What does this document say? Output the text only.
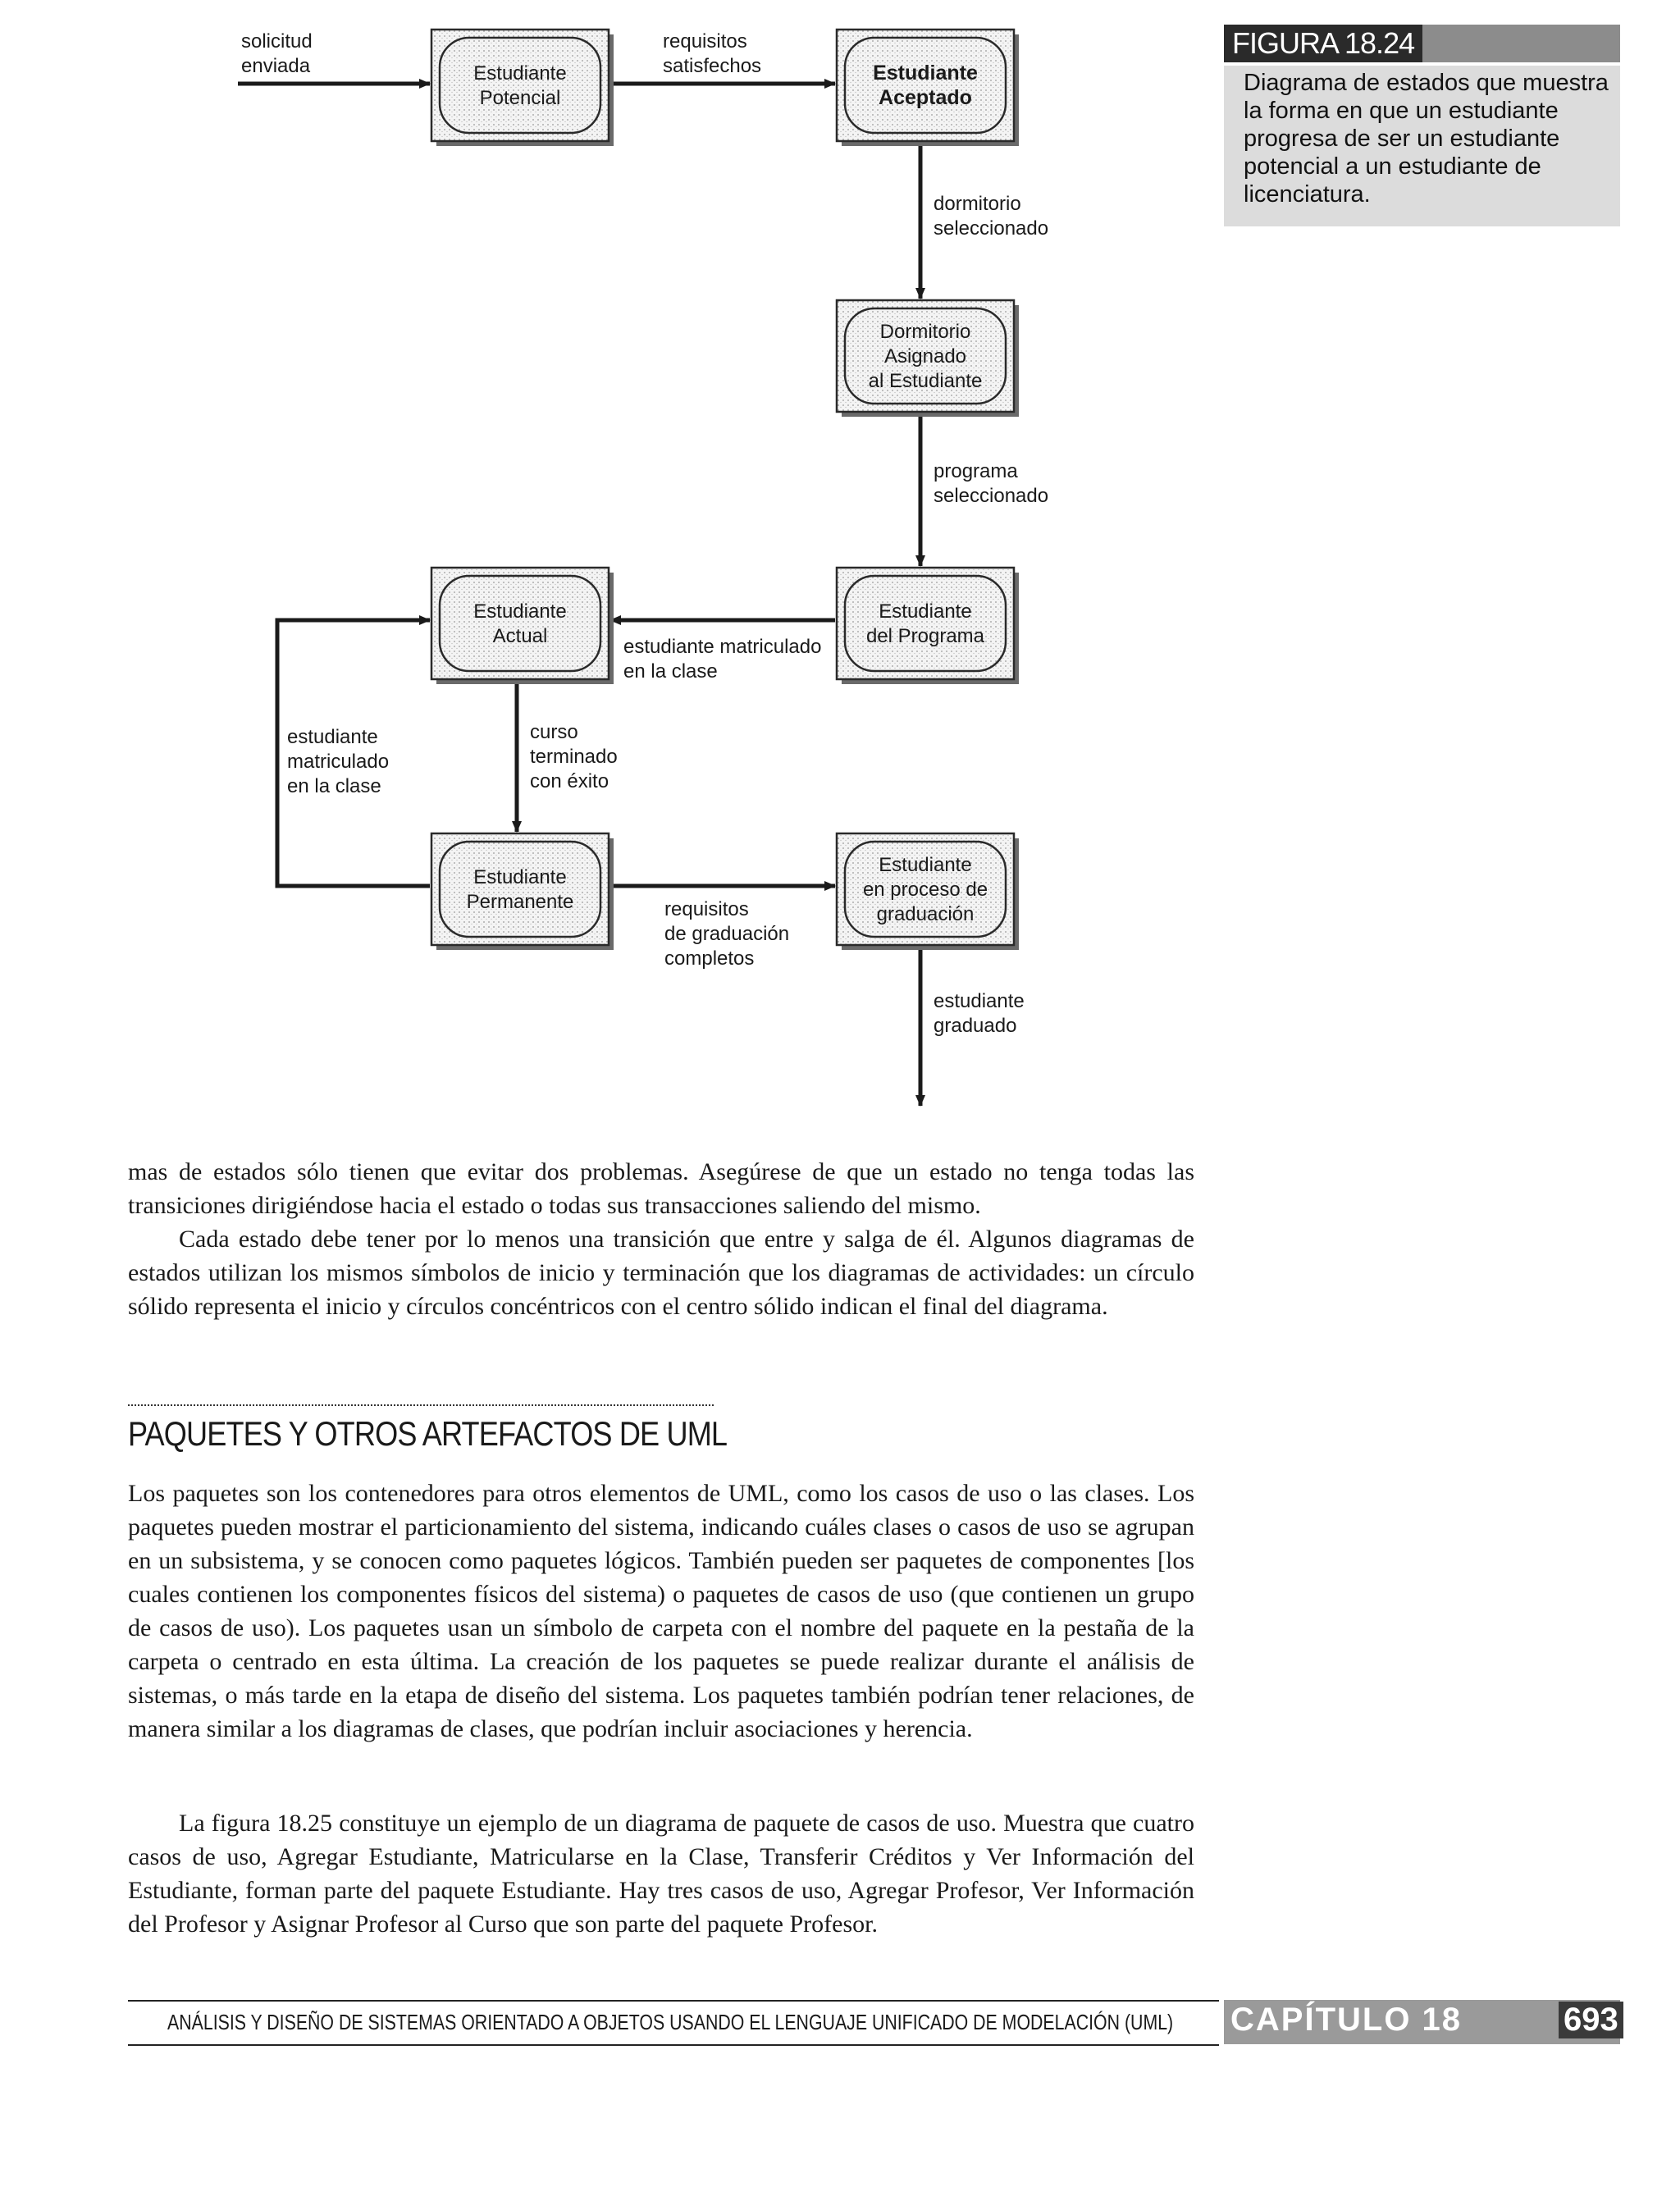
Estudiante
Potencial
Estudiante
Aceptado
Dormitorio
Asignado
al Estudiante
Estudiante
del Programa
Estudiante
Actual
Estudiante
Permanente
Estudiante
en proceso de
graduación
solicitud
enviada
requisitos
satisfechos
dormitorio
seleccionado
programa
seleccionado
estudiante matriculado
en la clase
curso
terminado
con éxito
estudiante
matriculado
en la clase
requisitos
de graduación
completos
estudiante
graduado
FIGURA 18.24
Diagrama de estados que muestra la forma en que un estudiante progresa de ser un estudiante potencial a un estudiante de licenciatura.

mas de estados sólo tienen que evitar dos problemas. Asegúrese de que un estado no tenga todas las transiciones dirigiéndose hacia el estado o todas sus transacciones saliendo del mismo.

Cada estado debe tener por lo menos una transición que entre y salga de él. Algunos diagramas de estados utilizan los mismos símbolos de inicio y terminación que los diagramas de actividades: un círculo sólido representa el inicio y círculos concéntricos con el centro sólido indican el final del diagrama.

PAQUETES Y OTROS ARTEFACTOS DE UML

Los paquetes son los contenedores para otros elementos de UML, como los casos de uso o las clases. Los paquetes pueden mostrar el particionamiento del sistema, indicando cuáles clases o casos de uso se agrupan en un subsistema, y se conocen como paquetes lógicos. También pueden ser paquetes de componentes [los cuales contienen los componentes físicos del sistema) o paquetes de casos de uso (que contienen un grupo de casos de uso). Los paquetes usan un símbolo de carpeta con el nombre del paquete en la pestaña de la carpeta o centrado en esta última. La creación de los paquetes se puede realizar durante el análisis de sistemas, o más tarde en la etapa de diseño del sistema. Los paquetes también podrían tener relaciones, de manera similar a los diagramas de clases, que podrían incluir asociaciones y herencia.

La figura 18.25 constituye un ejemplo de un diagrama de paquete de casos de uso. Muestra que cuatro casos de uso, Agregar Estudiante, Matricularse en la Clase, Transferir Créditos y Ver Información del Estudiante, forman parte del paquete Estudiante. Hay tres casos de uso, Agregar Profesor, Ver Información del Profesor y Asignar Profesor al Curso que son parte del paquete Profesor.

ANÁLISIS Y DISEÑO DE SISTEMAS ORIENTADO A OBJETOS USANDO EL LENGUAJE UNIFICADO DE MODELACIÓN (UML) CAPÍTULO 18	693
